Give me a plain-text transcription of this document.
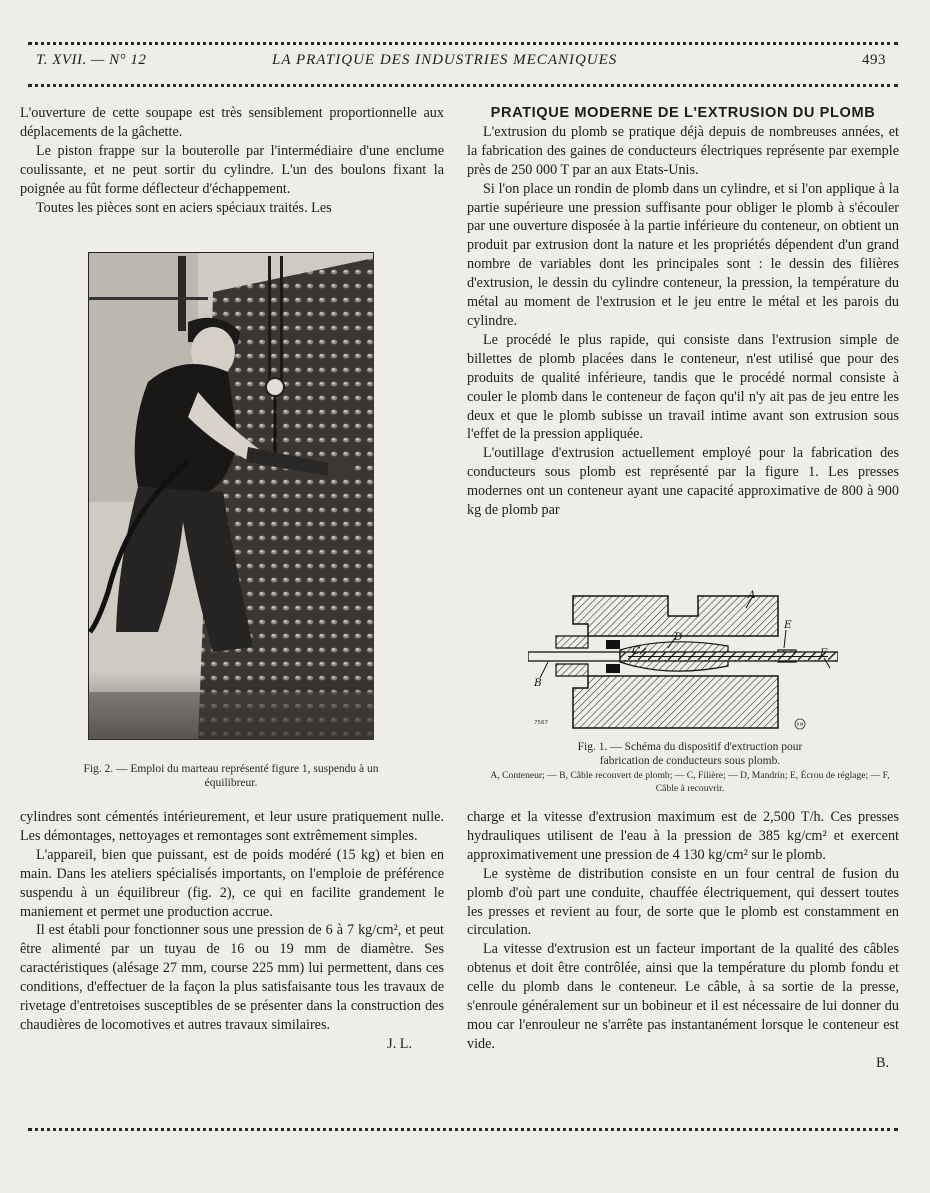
T. XVII. — N° 12	LA PRATIQUE DES INDUSTRIES MECANIQUES	493

L'ouverture de cette soupape est très sensiblement proportionnelle aux déplacements de la gâchette.

Le piston frappe sur la bouterolle par l'intermédiaire d'une enclume coulissante, et ne peut sortir du cylindre. L'un des boulons fixant la poignée au fût forme déflecteur d'échappement.

Toutes les pièces sont en aciers spéciaux traités. Les

Fig. 2. — Emploi du marteau représenté figure 1, suspendu à un équilibreur.

cylindres sont cémentés intérieurement, et leur usure pratiquement nulle. Les démontages, nettoyages et remontages sont extrêmement simples.

L'appareil, bien que puissant, est de poids modéré (15 kg) et bien en main. Dans les ateliers spécialisés importants, on l'emploie de préférence suspendu à un équilibreur (fig. 2), ce qui en facilite grandement le maniement et permet une production accrue.

Il est établi pour fonctionner sous une pression de 6 à 7 kg/cm², et peut être alimenté par un tuyau de 16 ou 19 mm de diamètre. Ses caractéristiques (alésage 27 mm, course 225 mm) lui permettent, dans ces conditions, d'effectuer de la façon la plus satisfaisante tous les travaux de rivetage d'entretoises susceptibles de se présenter dans la construction des chaudières de locomotives et autres travaux similaires.

J. L.

PRATIQUE MODERNE DE L'EXTRUSION DU PLOMB

L'extrusion du plomb se pratique déjà depuis de nombreuses années, et la fabrication des gaines de conducteurs électriques représente par exemple près de 250 000 T par an aux Etats-Unis.

Si l'on place un rondin de plomb dans un cylindre, et si l'on applique à la partie supérieure une pression suffisante pour obliger le plomb à s'écouler par une ouverture disposée à la partie inférieure du conteneur, on obtient un produit par extrusion dont la nature et les propriétés dépendent d'un grand nombre de variables dont les principales sont : le dessin des filières d'extrusion, le dessin du cylindre conteneur, la pression, la température du métal au moment de l'extrusion et le jeu entre le métal et les parois du cylindre.

Le procédé le plus rapide, qui consiste dans l'extrusion simple de billettes de plomb placées dans le conteneur, n'est utilisé que pour des produits de qualité inférieure, tandis que le procédé normal consiste à couler le plomb dans le conteneur de façon qu'il n'y ait pas de jeu entre les deux et que le plomb subisse un travail intime avant son extrusion sous l'effet de la pression appliquée.

L'outillage d'extrusion actuellement employé pour la fabrication des conducteurs sous plomb est représenté par la figure 1. Les presses modernes ont un conteneur ayant une capacité approximative de 800 à 900 kg de plomb par

A
B
C
D
E
F
7567	P.M
Fig. 1. — Schéma du dispositif d'extruction pour fabrication de conducteurs sous plomb.
A, Conteneur; — B, Câble recouvert de plomb; — C, Filière; — D, Mandrin; E, Écrou de réglage; — F, Câble à recouvrir.

charge et la vitesse d'extrusion maximum est de 2,500 T/h. Ces presses hydrauliques utilisent de l'eau à la pression de 385 kg/cm² et exercent approximativement une pression de 4 130 kg/cm² sur le plomb.

Le système de distribution consiste en un four central de fusion du plomb d'où part une conduite, chauffée électriquement, qui dessert toutes les presses et revient au four, de sorte que le plomb est constamment en circulation.

La vitesse d'extrusion est un facteur important de la qualité des câbles obtenus et doit être contrôlée, ainsi que la température du plomb fondu et celle du plomb dans le conteneur. Le câble, à sa sortie de la presse, s'enroule généralement sur un bobineur et il est nécessaire de lui donner du mou car l'enrouleur ne s'arrête pas instantanément lorsque le conteneur est vide.

B.
